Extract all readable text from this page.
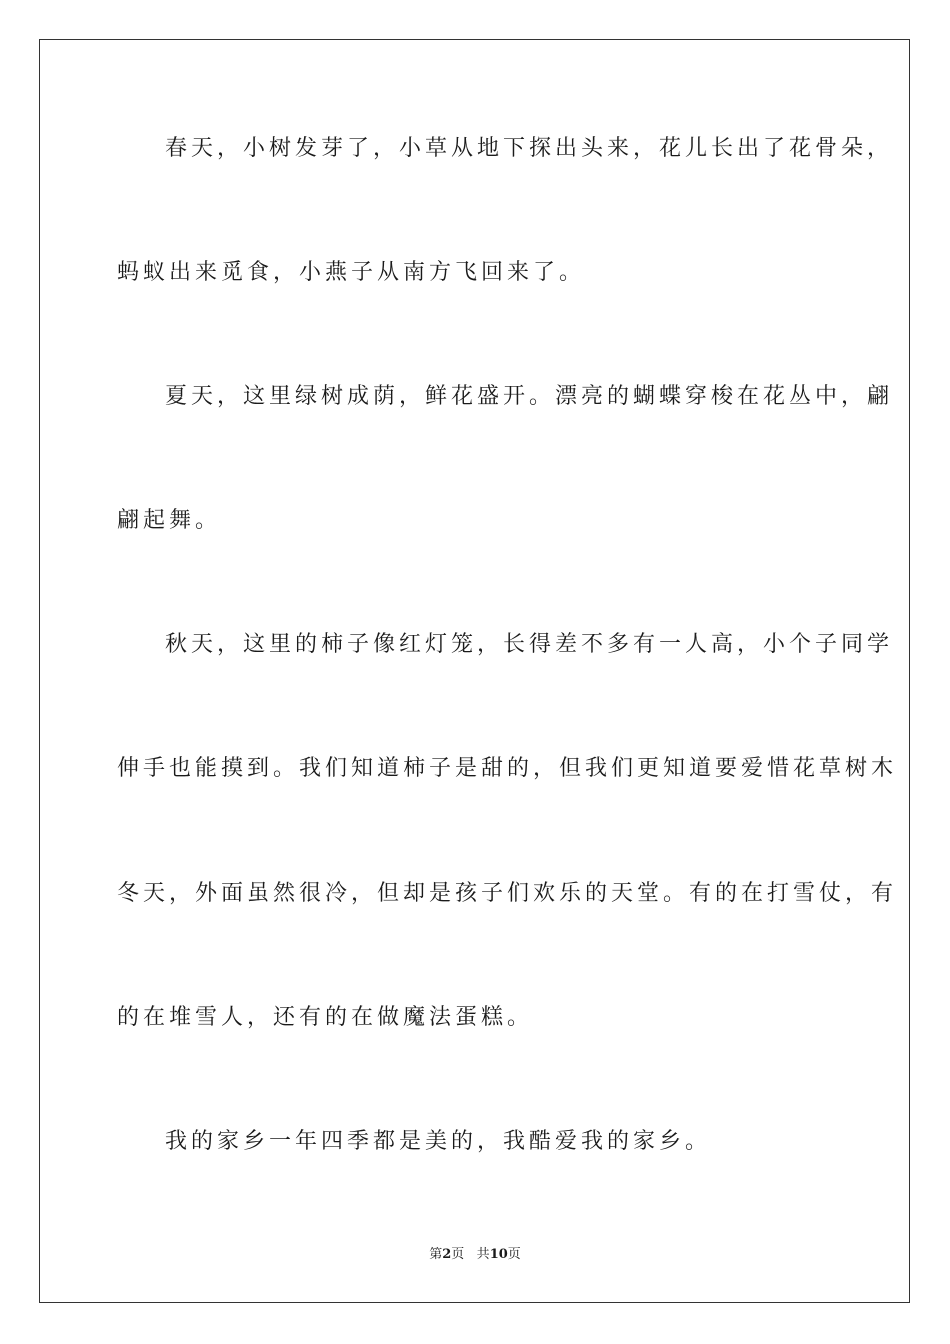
春天，小树发芽了，小草从地下探出头来，花儿长出了花骨朵，
蚂蚁出来觅食，小燕子从南方飞回来了。
夏天，这里绿树成荫，鲜花盛开。漂亮的蝴蝶穿梭在花丛中，翩
翩起舞。
秋天，这里的柿子像红灯笼，长得差不多有一人高，小个子同学
伸手也能摸到。我们知道柿子是甜的，但我们更知道要爱惜花草树木
冬天，外面虽然很冷，但却是孩子们欢乐的天堂。有的在打雪仗，有
的在堆雪人，还有的在做魔法蛋糕。
我的家乡一年四季都是美的，我酷爱我的家乡。
第2页 共10页
